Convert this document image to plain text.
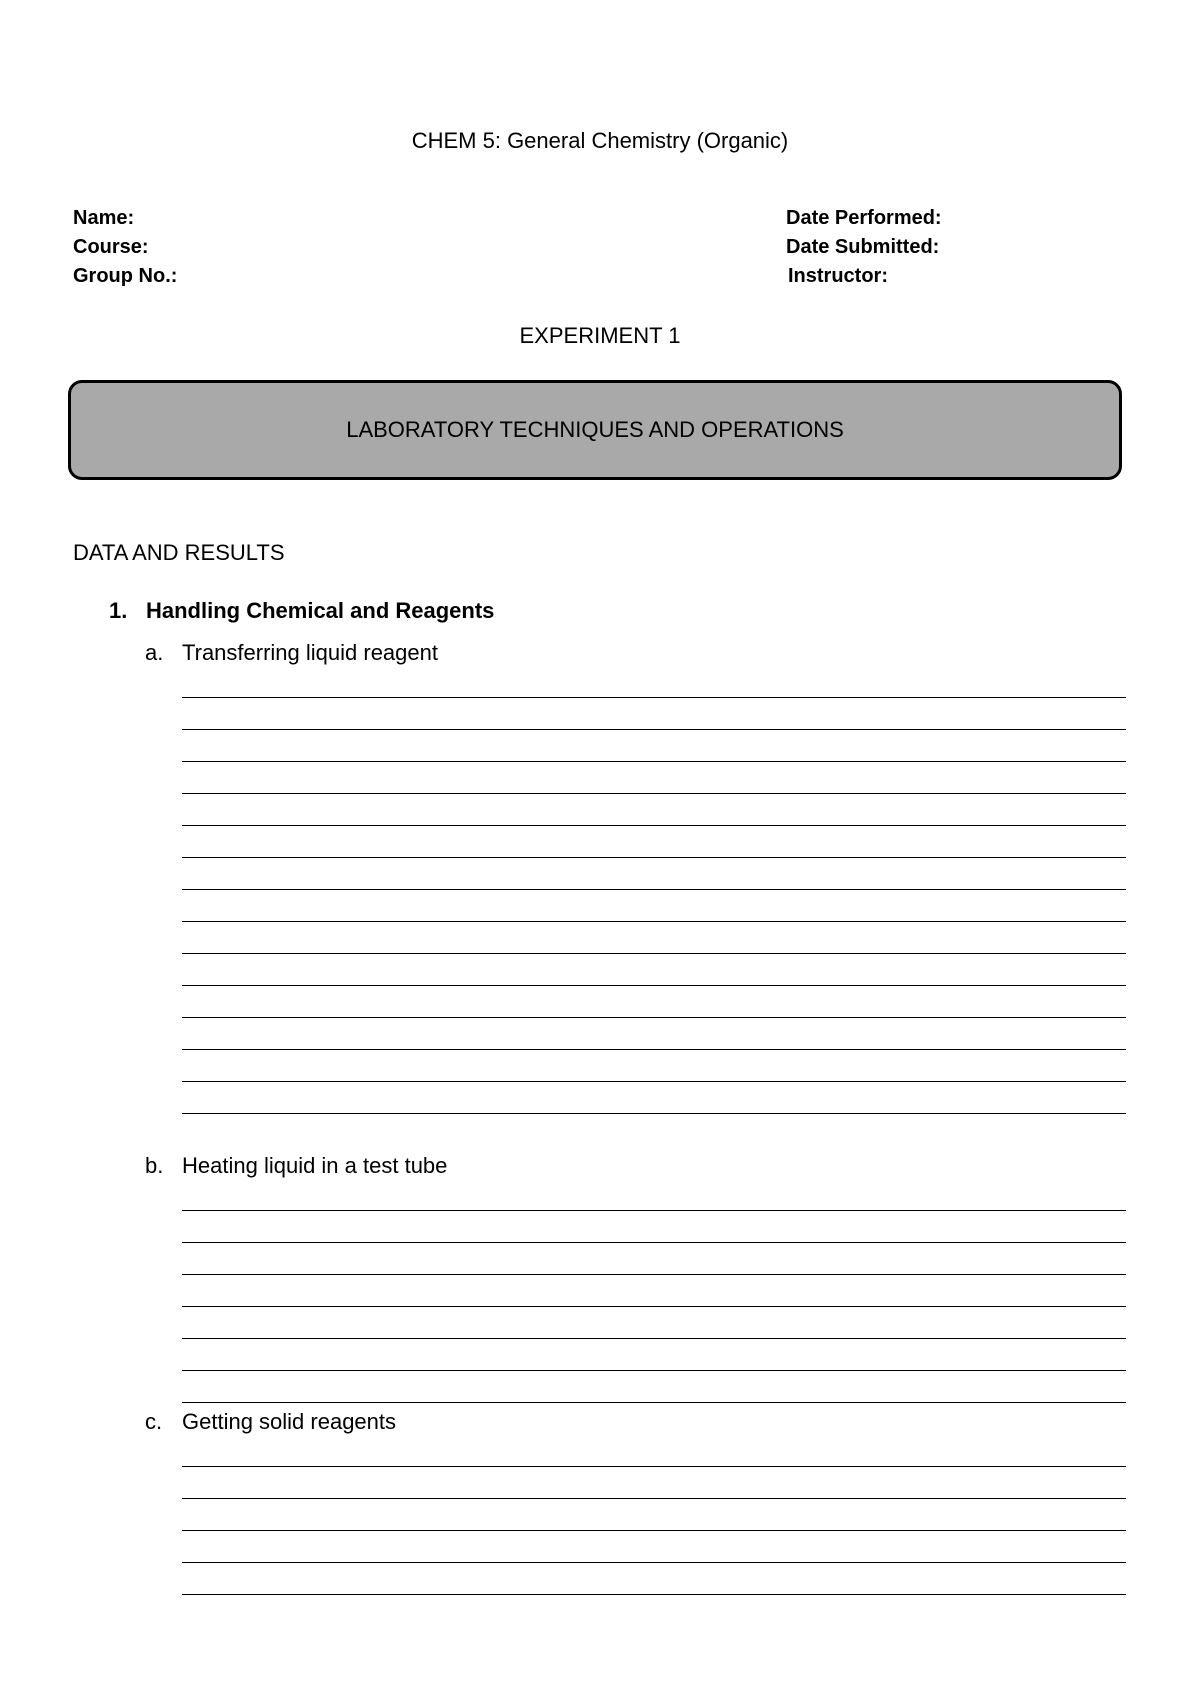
CHEM 5: General Chemistry (Organic)
Name:
Course:
Group No.:
Date Performed:
Date Submitted:
Instructor:
EXPERIMENT 1
LABORATORY TECHNIQUES AND OPERATIONS
DATA AND RESULTS
1. Handling Chemical and Reagents
a. Transferring liquid reagent
b. Heating liquid in a test tube
c. Getting solid reagents
